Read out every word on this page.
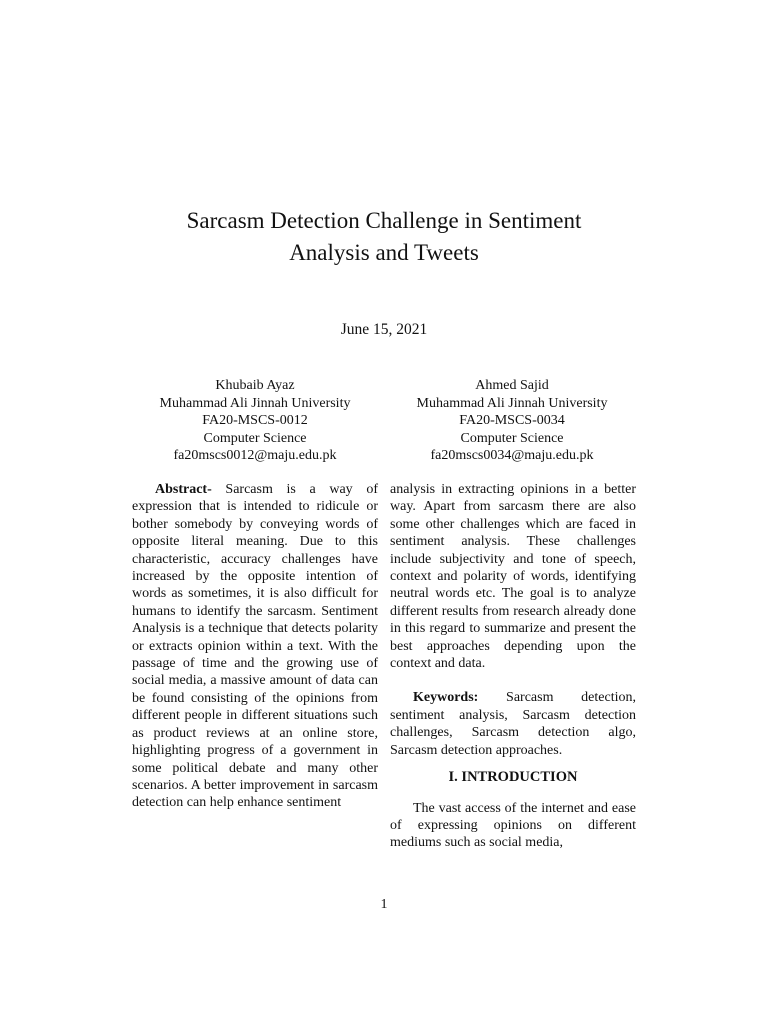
Sarcasm Detection Challenge in Sentiment
Analysis and Tweets
June 15, 2021
Khubaib Ayaz
Muhammad Ali Jinnah University
FA20-MSCS-0012
Computer Science
fa20mscs0012@maju.edu.pk
Ahmed Sajid
Muhammad Ali Jinnah University
FA20-MSCS-0034
Computer Science
fa20mscs0034@maju.edu.pk

Abstract- Sarcasm is a way of expression that is intended to ridicule or bother somebody by conveying words of opposite literal meaning. Due to this characteristic, accuracy challenges have increased by the opposite intention of words as sometimes, it is also difficult for humans to identify the sarcasm. Sentiment Analysis is a technique that detects polarity or extracts opinion within a text. With the passage of time and the growing use of social media, a massive amount of data can be found consisting of the opinions from different people in different situations such as product reviews at an online store, highlighting progress of a government in some political debate and many other scenarios. A better improvement in sarcasm detection can help enhance sentiment

analysis in extracting opinions in a better way. Apart from sarcasm there are also some other challenges which are faced in sentiment analysis. These challenges include subjectivity and tone of speech, context and polarity of words, identifying neutral words etc. The goal is to analyze different results from research already done in this regard to summarize and present the best approaches depending upon the context and data.

Keywords: Sarcasm detection, sentiment analysis, Sarcasm detection challenges, Sarcasm detection algo, Sarcasm detection approaches.

I. INTRODUCTION

The vast access of the internet and ease of expressing opinions on different mediums such as social media,

1
